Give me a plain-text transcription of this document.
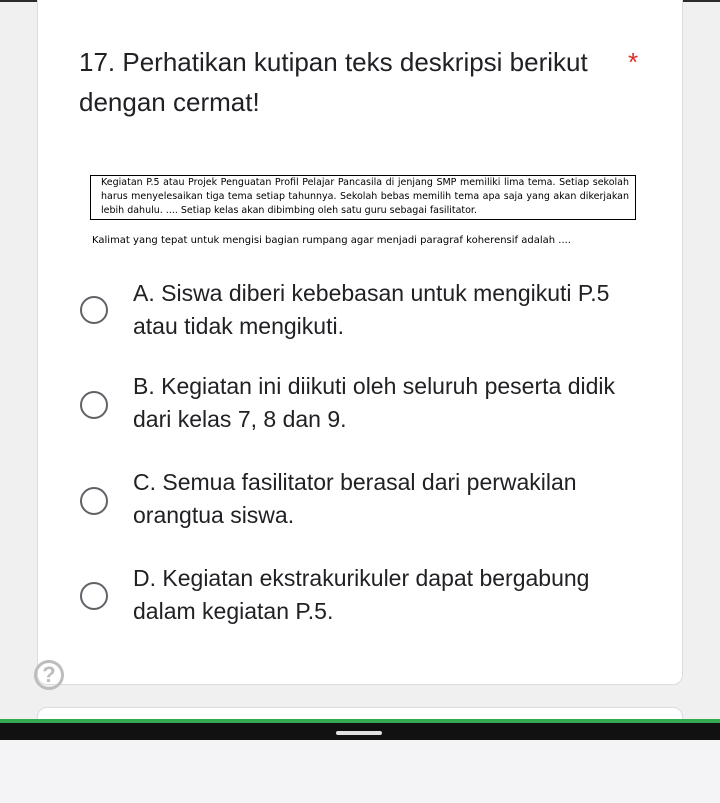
17. Perhatikan kutipan teks deskripsi berikut dengan cermat!
*
Kegiatan P.5 atau Projek Penguatan Profil Pelajar Pancasila di jenjang SMP memiliki lima tema. Setiap sekolah harus menyelesaikan tiga tema setiap tahunnya. Sekolah bebas memilih tema apa saja yang akan dikerjakan lebih dahulu. .... Setiap kelas akan dibimbing oleh satu guru sebagai fasilitator.
Kalimat yang tepat untuk mengisi bagian rumpang agar menjadi paragraf koherensif adalah ....
A. Siswa diberi kebebasan untuk mengikuti P.5 atau tidak mengikuti.
B. Kegiatan ini diikuti oleh seluruh peserta didik dari kelas 7, 8 dan 9.
C. Semua fasilitator berasal dari perwakilan orangtua siswa.
D. Kegiatan ekstrakurikuler dapat bergabung dalam kegiatan P.5.
?
